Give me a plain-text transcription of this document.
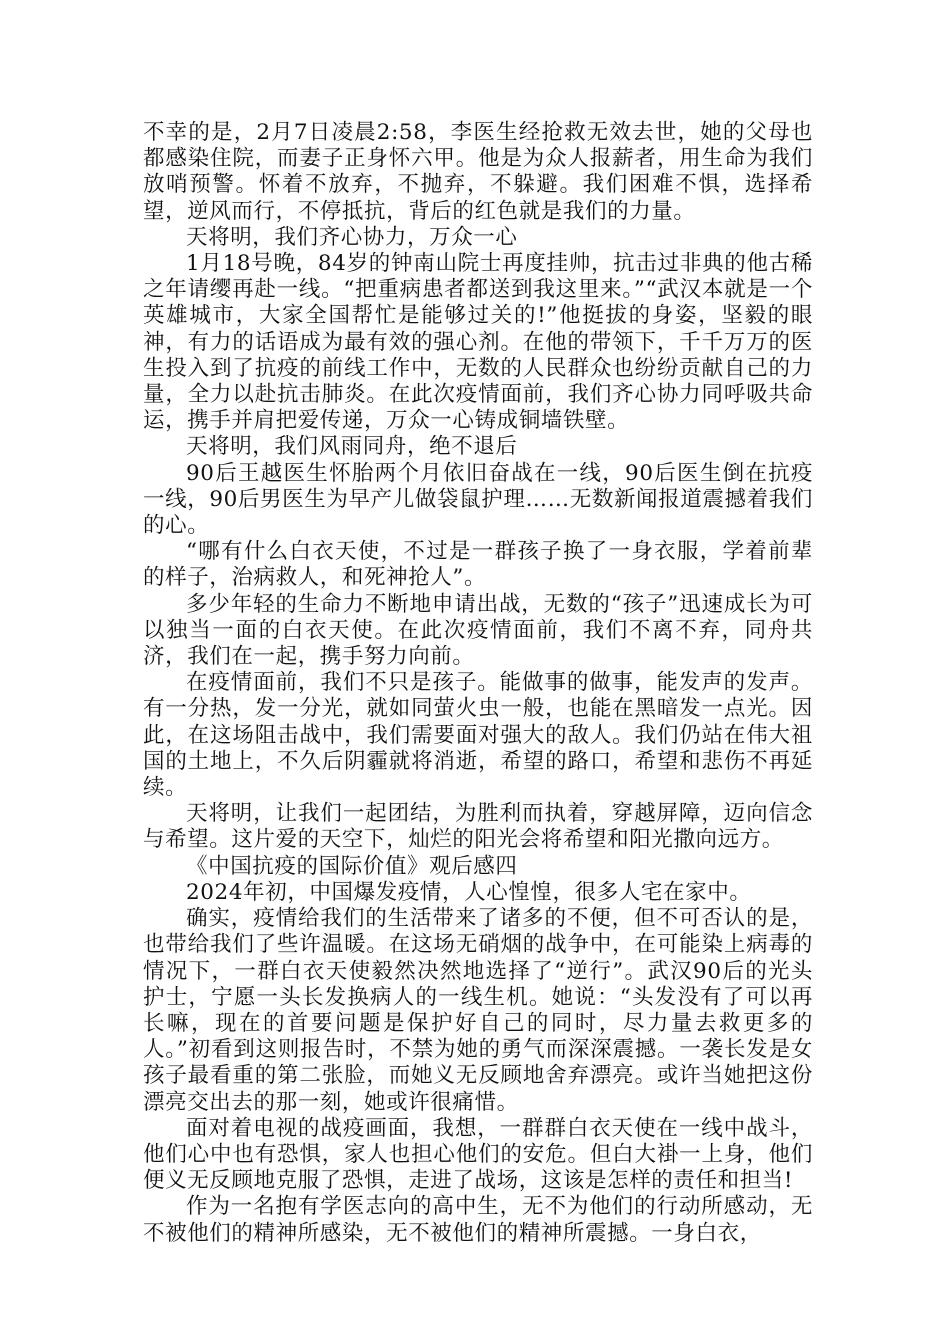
不幸的是，2月7日凌晨2:58，李医生经抢救无效去世，她的父母也都感染住院，而妻子正身怀六甲。他是为众人报薪者，用生命为我们放哨预警。怀着不放弃，不抛弃，不躲避。我们困难不惧，选择希望，逆风而行，不停抵抗，背后的红色就是我们的力量。

天将明，我们齐心协力，万众一心

1月18号晚，84岁的钟南山院士再度挂帅，抗击过非典的他古稀之年请缨再赴一线。“把重病患者都送到我这里来。”“武汉本就是一个英雄城市，大家全国帮忙是能够过关的!”他挺拔的身姿，坚毅的眼神，有力的话语成为最有效的强心剂。在他的带领下，千千万万的医生投入到了抗疫的前线工作中，无数的人民群众也纷纷贡献自己的力量，全力以赴抗击肺炎。在此次疫情面前，我们齐心协力同呼吸共命运，携手并肩把爱传递，万众一心铸成铜墙铁壁。

天将明，我们风雨同舟，绝不退后

90后王越医生怀胎两个月依旧奋战在一线，90后医生倒在抗疫一线，90后男医生为早产儿做袋鼠护理……无数新闻报道震撼着我们的心。

“哪有什么白衣天使，不过是一群孩子换了一身衣服，学着前辈的样子，治病救人，和死神抢人”。

多少年轻的生命力不断地申请出战，无数的“孩子”迅速成长为可以独当一面的白衣天使。在此次疫情面前，我们不离不弃，同舟共济，我们在一起，携手努力向前。

在疫情面前，我们不只是孩子。能做事的做事，能发声的发声。有一分热，发一分光，就如同萤火虫一般，也能在黑暗发一点光。因此，在这场阻击战中，我们需要面对强大的敌人。我们仍站在伟大祖国的土地上，不久后阴霾就将消逝，希望的路口，希望和悲伤不再延续。

天将明，让我们一起团结，为胜利而执着，穿越屏障，迈向信念与希望。这片爱的天空下，灿烂的阳光会将希望和阳光撒向远方。

《中国抗疫的国际价值》观后感四

2024年初，中国爆发疫情，人心惶惶，很多人宅在家中。

确实，疫情给我们的生活带来了诸多的不便，但不可否认的是，也带给我们了些许温暖。在这场无硝烟的战争中，在可能染上病毒的情况下，一群白衣天使毅然决然地选择了“逆行”。武汉90后的光头护士，宁愿一头长发换病人的一线生机。她说：“头发没有了可以再长嘛，现在的首要问题是保护好自己的同时，尽力量去救更多的人。”初看到这则报告时，不禁为她的勇气而深深震撼。一袭长发是女孩子最看重的第二张脸，而她义无反顾地舍弃漂亮。或许当她把这份漂亮交出去的那一刻，她或许很痛惜。

面对着电视的战疫画面，我想，一群群白衣天使在一线中战斗，他们心中也有恐惧，家人也担心他们的安危。但白大褂一上身，他们便义无反顾地克服了恐惧，走进了战场，这该是怎样的责任和担当!

作为一名抱有学医志向的高中生，无不为他们的行动所感动，无不被他们的精神所感染，无不被他们的精神所震撼。一身白衣，
